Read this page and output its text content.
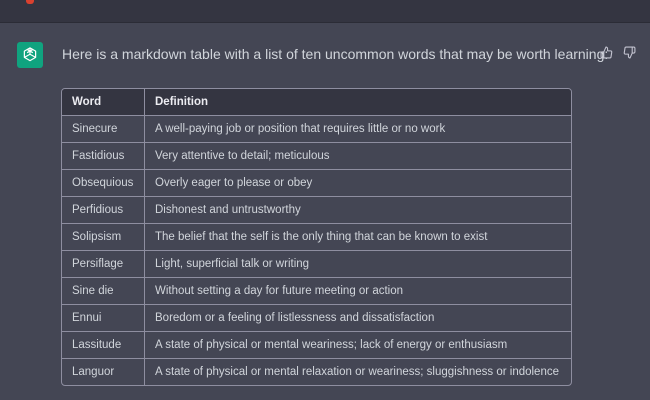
Here is a markdown table with a list of ten uncommon words that may be worth learning:
Word	Definition
Sinecure	A well-paying job or position that requires little or no work
Fastidious	Very attentive to detail; meticulous
Obsequious	Overly eager to please or obey
Perfidious	Dishonest and untrustworthy
Solipsism	The belief that the self is the only thing that can be known to exist
Persiflage	Light, superficial talk or writing
Sine die	Without setting a day for future meeting or action
Ennui	Boredom or a feeling of listlessness and dissatisfaction
Lassitude	A state of physical or mental weariness; lack of energy or enthusiasm
Languor	A state of physical or mental relaxation or weariness; sluggishness or indolence
